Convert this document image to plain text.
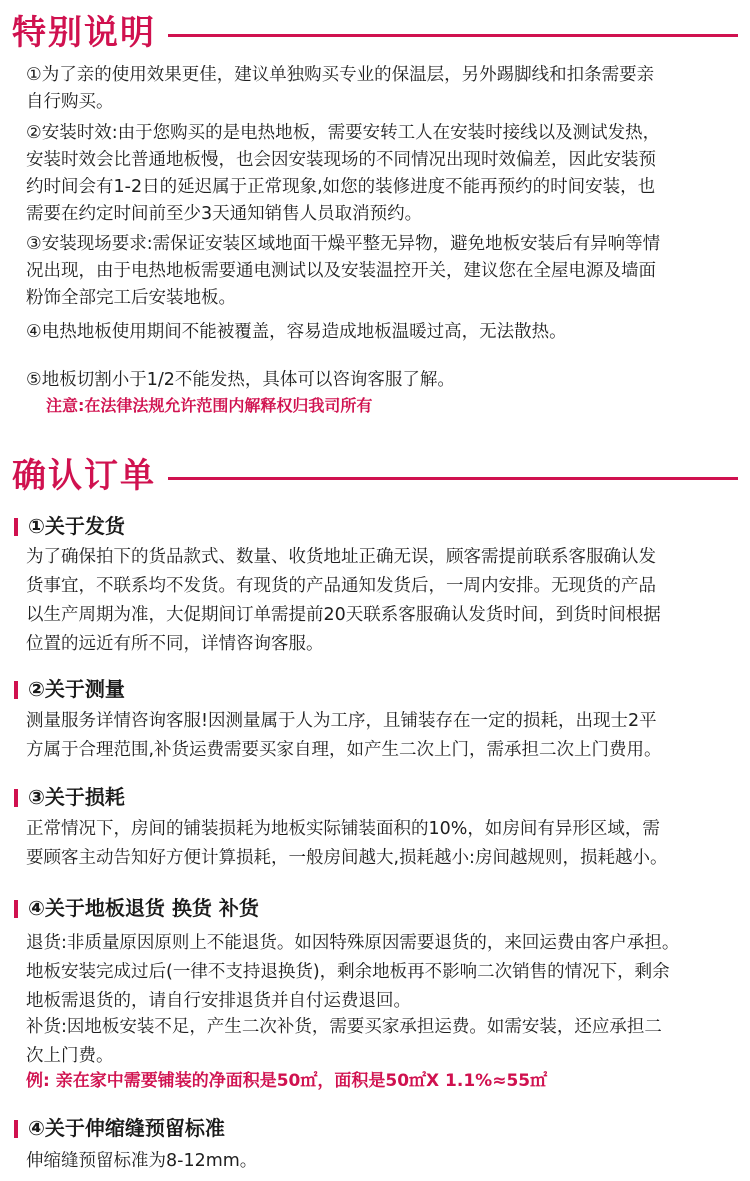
特别说明
①为了亲的使用效果更佳，建议单独购买专业的保温层，另外踢脚线和扣条需要亲
自行购买。
②安装时效:由于您购买的是电热地板，需要安转工人在安装时接线以及测试发热，
安装时效会比普通地板慢，也会因安装现场的不同情况出现时效偏差，因此安装预
约时间会有1-2日的延迟属于正常现象,如您的装修进度不能再预约的时间安装，也
需要在约定时间前至少3天通知销售人员取消预约。
③安装现场要求:需保证安装区域地面干燥平整无异物，避免地板安装后有异响等情
况出现，由于电热地板需要通电测试以及安装温控开关，建议您在全屋电源及墙面
粉饰全部完工后安装地板。
④电热地板使用期间不能被覆盖，容易造成地板温暖过高，无法散热。
⑤地板切割小于1/2不能发热，具体可以咨询客服了解。
注意:在法律法规允许范围内解释权归我司所有
确认订单
①关于发货
为了确保拍下的货品款式、数量、收货地址正确无误，顾客需提前联系客服确认发
货事宜，不联系均不发货。有现货的产品通知发货后，一周内安排。无现货的产品
以生产周期为准，大促期间订单需提前20天联系客服确认发货时间，到货时间根据
位置的远近有所不同，详情咨询客服。
②关于测量
测量服务详情咨询客服!因测量属于人为工序，且铺装存在一定的损耗，出现士2平
方属于合理范围,补货运费需要买家自理，如产生二次上门，需承担二次上门费用。
③关于损耗
正常情况下，房间的铺装损耗为地板实际铺装面积的10%，如房间有异形区域，需
要顾客主动告知好方便计算损耗，一般房间越大,损耗越小:房间越规则，损耗越小。
④关于地板退货 换货 补货
退货:非质量原因原则上不能退货。如因特殊原因需要退货的，来回运费由客户承担。
地板安装完成过后(一律不支持退换货)，剩余地板再不影响二次销售的情况下，剩余
地板需退货的，请自行安排退货并自付运费退回。
补货:因地板安装不足，产生二次补货，需要买家承担运费。如需安装，还应承担二
次上门费。
例: 亲在家中需要铺装的净面积是50㎡，面积是50㎡X 1.1%≈55㎡
④关于伸缩缝预留标准
伸缩缝预留标准为8-12mm。
